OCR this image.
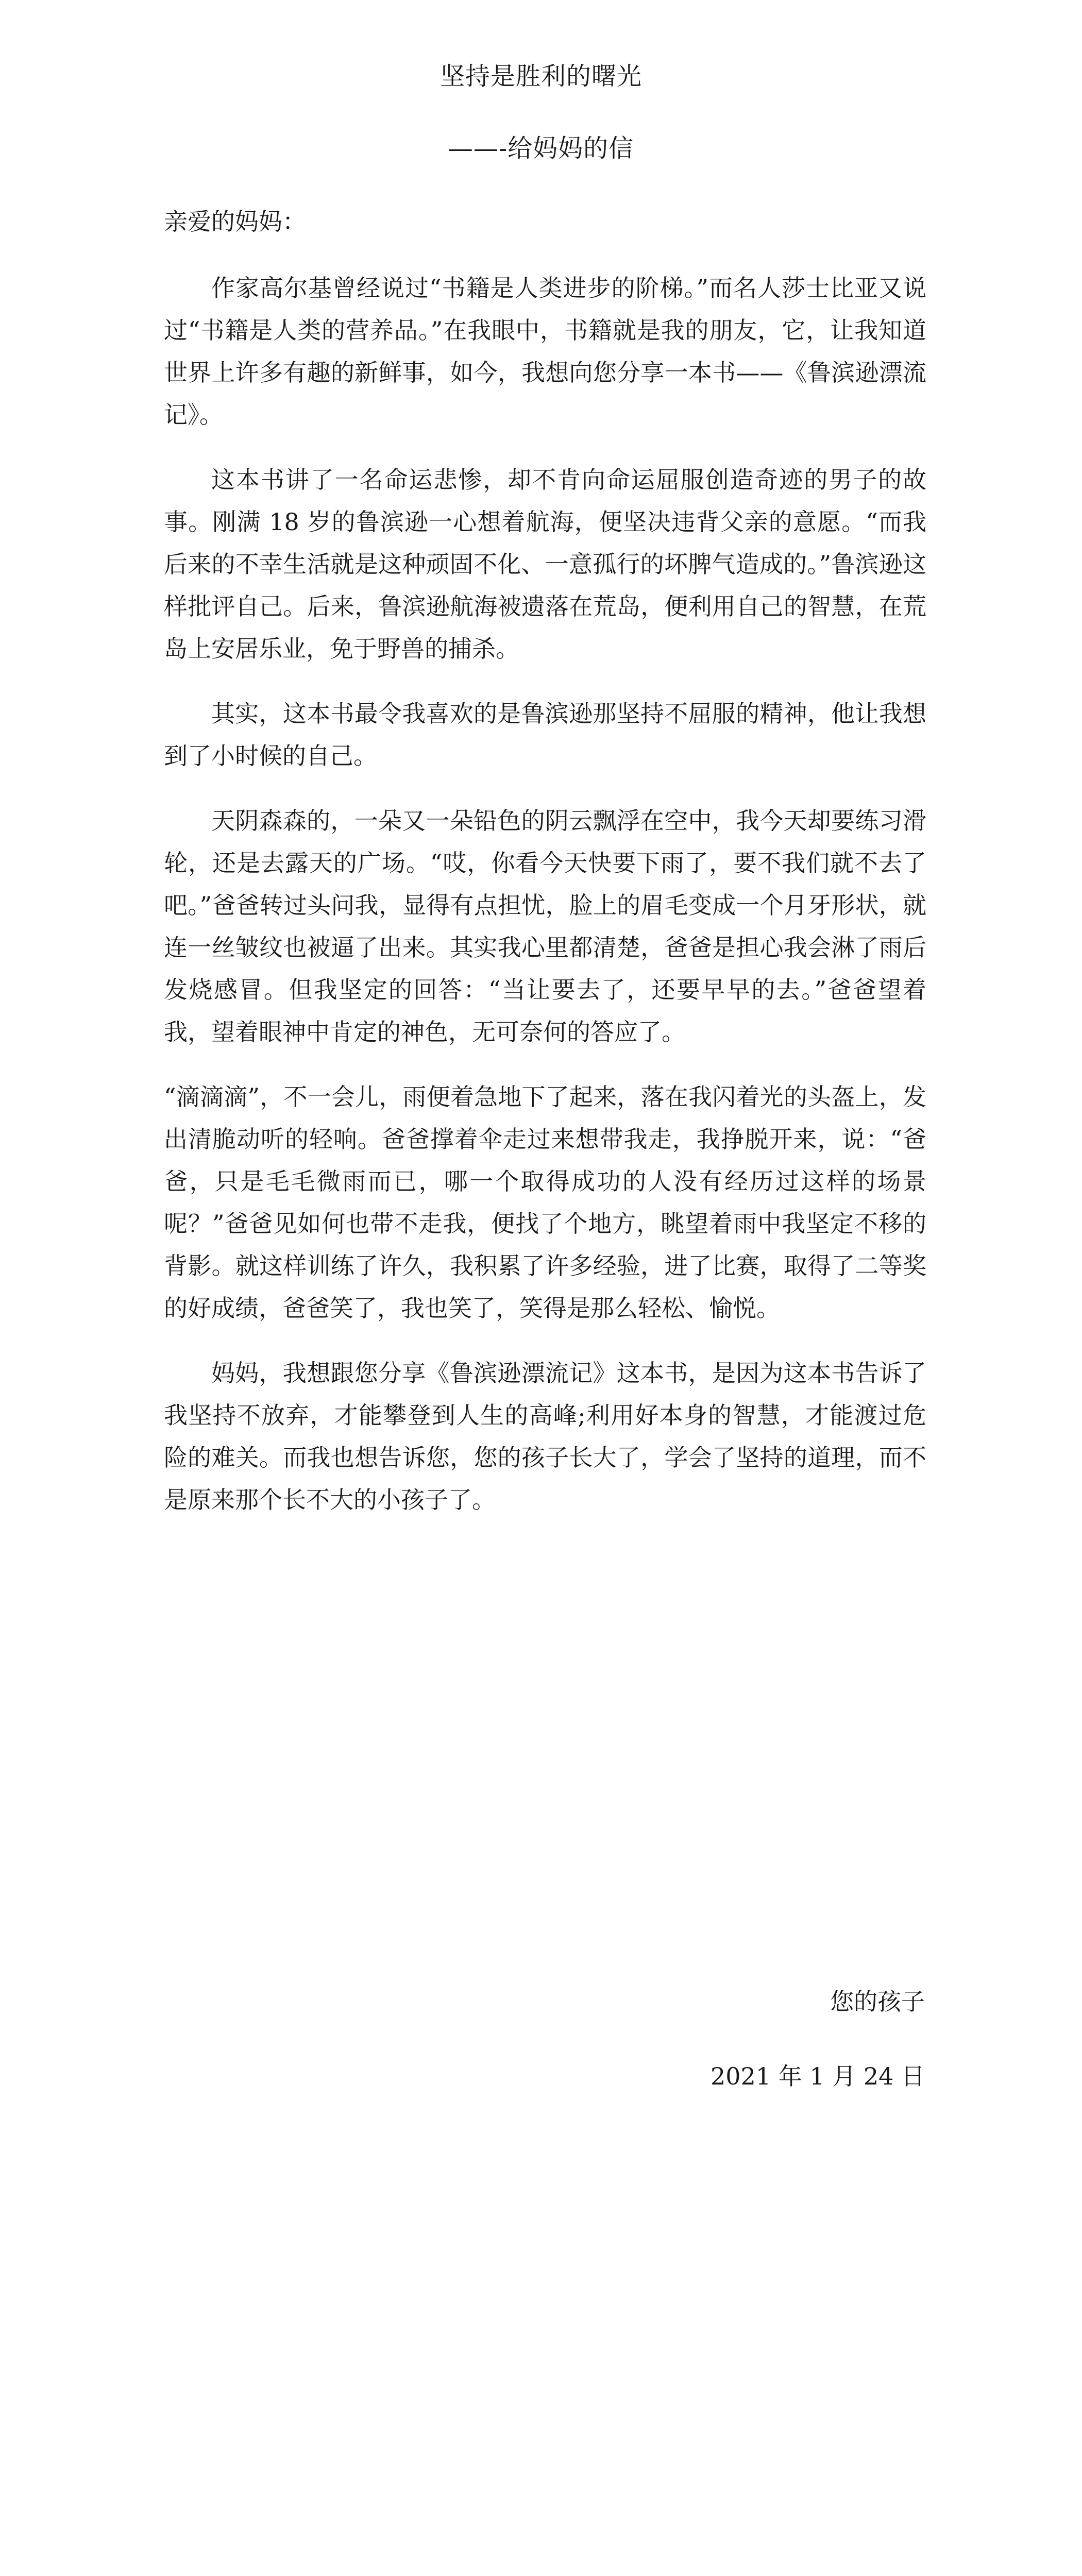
坚持是胜利的曙光
——-给妈妈的信
亲爱的妈妈：

作家高尔基曾经说过“书籍是人类进步的阶梯。”而名人莎士比亚又说过“书籍是人类的营养品。”在我眼中，书籍就是我的朋友，它，让我知道世界上许多有趣的新鲜事，如今，我想向您分享一本书——《鲁滨逊漂流记》。

这本书讲了一名命运悲惨，却不肯向命运屈服创造奇迹的男子的故事。刚满 18 岁的鲁滨逊一心想着航海，便坚决违背父亲的意愿。“而我后来的不幸生活就是这种顽固不化、一意孤行的坏脾气造成的。”鲁滨逊这样批评自己。后来，鲁滨逊航海被遗落在荒岛，便利用自己的智慧，在荒岛上安居乐业，免于野兽的捕杀。

其实，这本书最令我喜欢的是鲁滨逊那坚持不屈服的精神，他让我想到了小时候的自己。

天阴森森的，一朵又一朵铅色的阴云飘浮在空中，我今天却要练习滑轮，还是去露天的广场。“哎，你看今天快要下雨了，要不我们就不去了吧。”爸爸转过头问我，显得有点担忧，脸上的眉毛变成一个月牙形状，就连一丝皱纹也被逼了出来。其实我心里都清楚，爸爸是担心我会淋了雨后发烧感冒。但我坚定的回答：“当让要去了，还要早早的去。”爸爸望着我，望着眼神中肯定的神色，无可奈何的答应了。

“滴滴滴”，不一会儿，雨便着急地下了起来，落在我闪着光的头盔上，发出清脆动听的轻响。爸爸撑着伞走过来想带我走，我挣脱开来，说：“爸爸，只是毛毛微雨而已，哪一个取得成功的人没有经历过这样的场景呢？”爸爸见如何也带不走我，便找了个地方，眺望着雨中我坚定不移的背影。就这样训练了许久，我积累了许多经验，进了比赛，取得了二等奖的好成绩，爸爸笑了，我也笑了，笑得是那么轻松、愉悦。

妈妈，我想跟您分享《鲁滨逊漂流记》这本书，是因为这本书告诉了我坚持不放弃，才能攀登到人生的高峰;利用好本身的智慧，才能渡过危险的难关。而我也想告诉您，您的孩子长大了，学会了坚持的道理，而不是原来那个长不大的小孩子了。

您的孩子
2021 年 1 月 24 日
